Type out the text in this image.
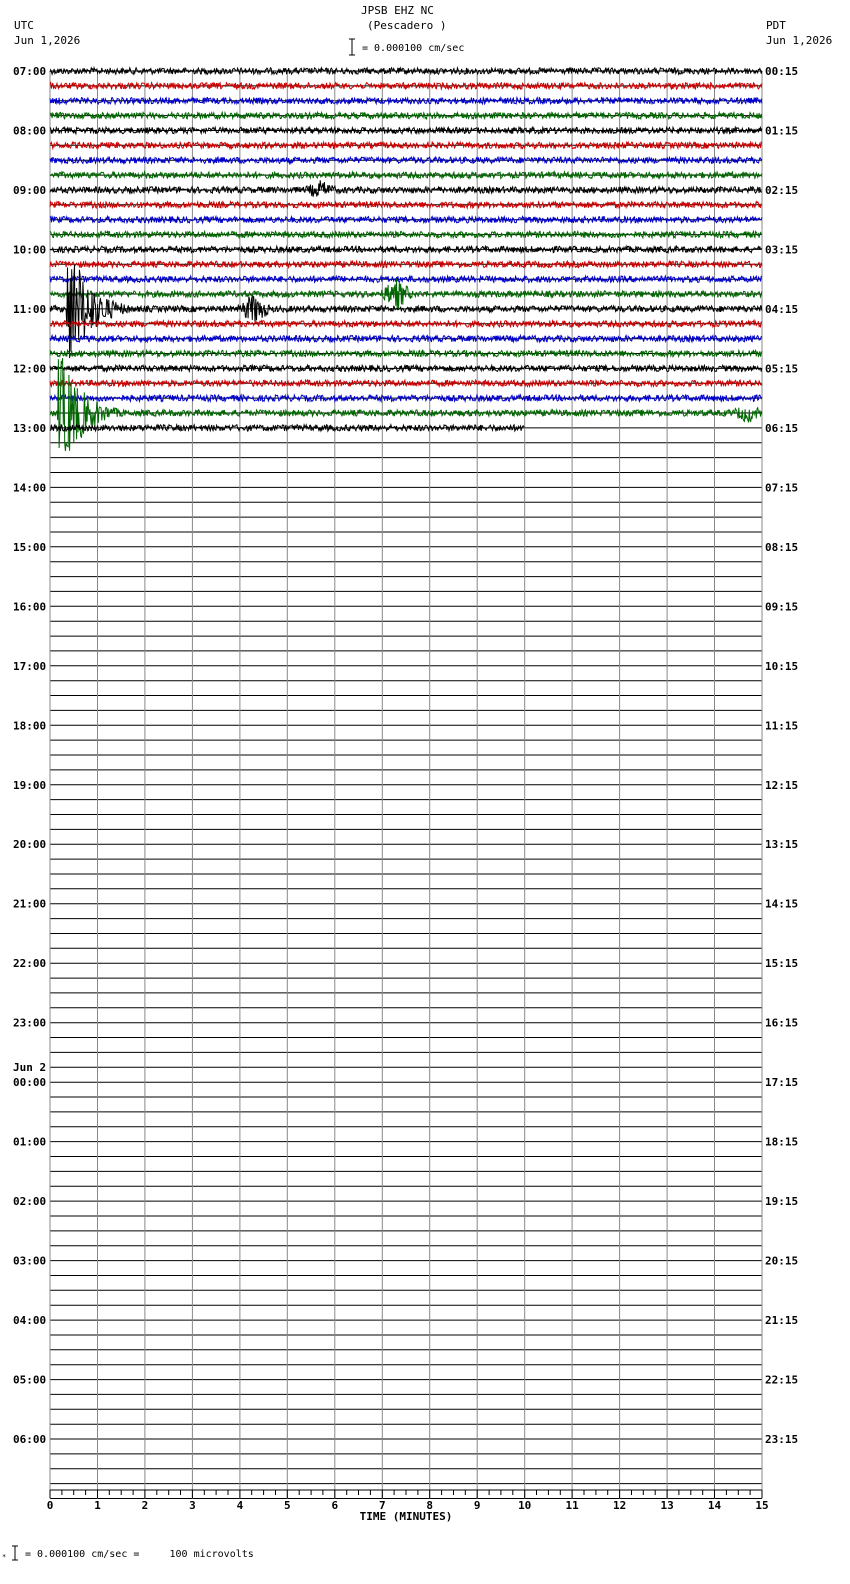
JPSB EHZ NC
(Pescadero )
UTC
Jun 1,2026
PDT
Jun 1,2026
= 0.000100 cm/sec
= 0.000100 cm/sec =     100 microvolts
*
07:00	00:15
08:00	01:15
09:00	02:15
10:00	03:15
11:00	04:15
12:00	05:15
13:00	06:15
14:00	07:15
15:00	08:15
16:00	09:15
17:00	10:15
18:00	11:15
19:00	12:15
20:00	13:15
21:00	14:15
22:00	15:15
23:00	16:15
00:00	17:15
01:00	18:15
02:00	19:15
03:00	20:15
04:00	21:15
05:00	22:15
06:00	23:15
Jun 2
0	1	2	3	4	5	6	7	8	9	10	11	12	13	14	15
TIME (MINUTES)
